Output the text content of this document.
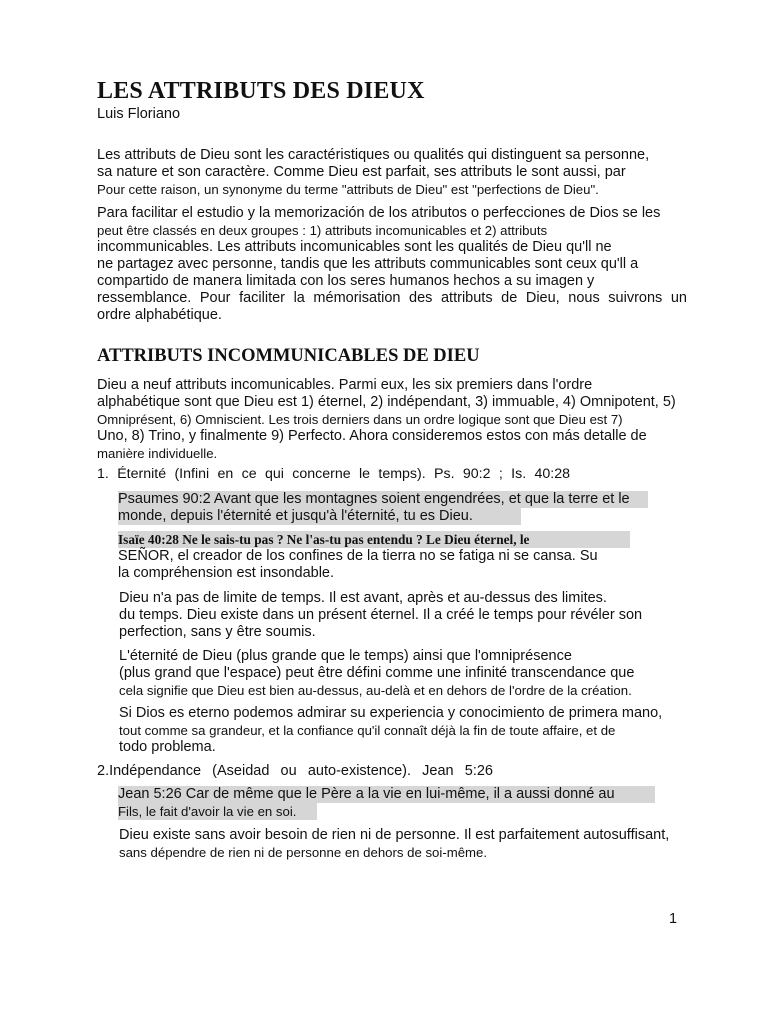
LES ATTRIBUTS DES DIEUX
Luis Floriano
Les attributs de Dieu sont les caractéristiques ou qualités qui distinguent sa personne,
sa nature et son caractère. Comme Dieu est parfait, ses attributs le sont aussi, par
Pour cette raison, un synonyme du terme "attributs de Dieu" est "perfections de Dieu".
Para facilitar el estudio y la memorización de los atributos o perfecciones de Dios se les
peut être classés en deux groupes : 1) attributs incomunicables et 2) attributs
incommunicables. Les attributs incomunicables sont les qualités de Dieu qu'll ne
ne partagez avec personne, tandis que les attributs communicables sont ceux qu'll a
compartido de manera limitada con los seres humanos hechos a su imagen y
ressemblance. Pour faciliter la mémorisation des attributs de Dieu, nous suivrons un
ordre alphabétique.
ATTRIBUTS INCOMMUNICABLES DE DIEU
Dieu a neuf attributs incomunicables. Parmi eux, les six premiers dans l'ordre
alphabétique sont que Dieu est 1) éternel, 2) indépendant, 3) immuable, 4) Omnipotent, 5)
Omniprésent, 6) Omniscient. Les trois derniers dans un ordre logique sont que Dieu est 7)
Uno, 8) Trino, y finalmente 9) Perfecto. Ahora consideremos estos con más detalle de
manière individuelle.
1. Éternité (Infini en ce qui concerne le temps). Ps. 90:2 ; Is. 40:28
Psaumes 90:2 Avant que les montagnes soient engendrées, et que la terre et le
monde, depuis l'éternité et jusqu'à l'éternité, tu es Dieu.
Isaïe 40:28 Ne le sais-tu pas ? Ne l'as-tu pas entendu ? Le Dieu éternel, le
SEÑOR, el creador de los confines de la tierra no se fatiga ni se cansa. Su
la compréhension est insondable.
Dieu n'a pas de limite de temps. Il est avant, après et au-dessus des limites.
du temps. Dieu existe dans un présent éternel. Il a créé le temps pour révéler son
perfection, sans y être soumis.
L'éternité de Dieu (plus grande que le temps) ainsi que l'omniprésence
(plus grand que l'espace) peut être défini comme une infinité transcendance que
cela signifie que Dieu est bien au-dessus, au-delà et en dehors de l'ordre de la création.
Si Dios es eterno podemos admirar su experiencia y conocimiento de primera mano,
tout comme sa grandeur, et la confiance qu'il connaît déjà la fin de toute affaire, et de
todo problema.
2.Indépendance (Aseidad ou auto-existence). Jean 5:26
Jean 5:26 Car de même que le Père a la vie en lui-même, il a aussi donné au
Fils, le fait d'avoir la vie en soi.
Dieu existe sans avoir besoin de rien ni de personne. Il est parfaitement autosuffisant,
sans dépendre de rien ni de personne en dehors de soi-même.
1
